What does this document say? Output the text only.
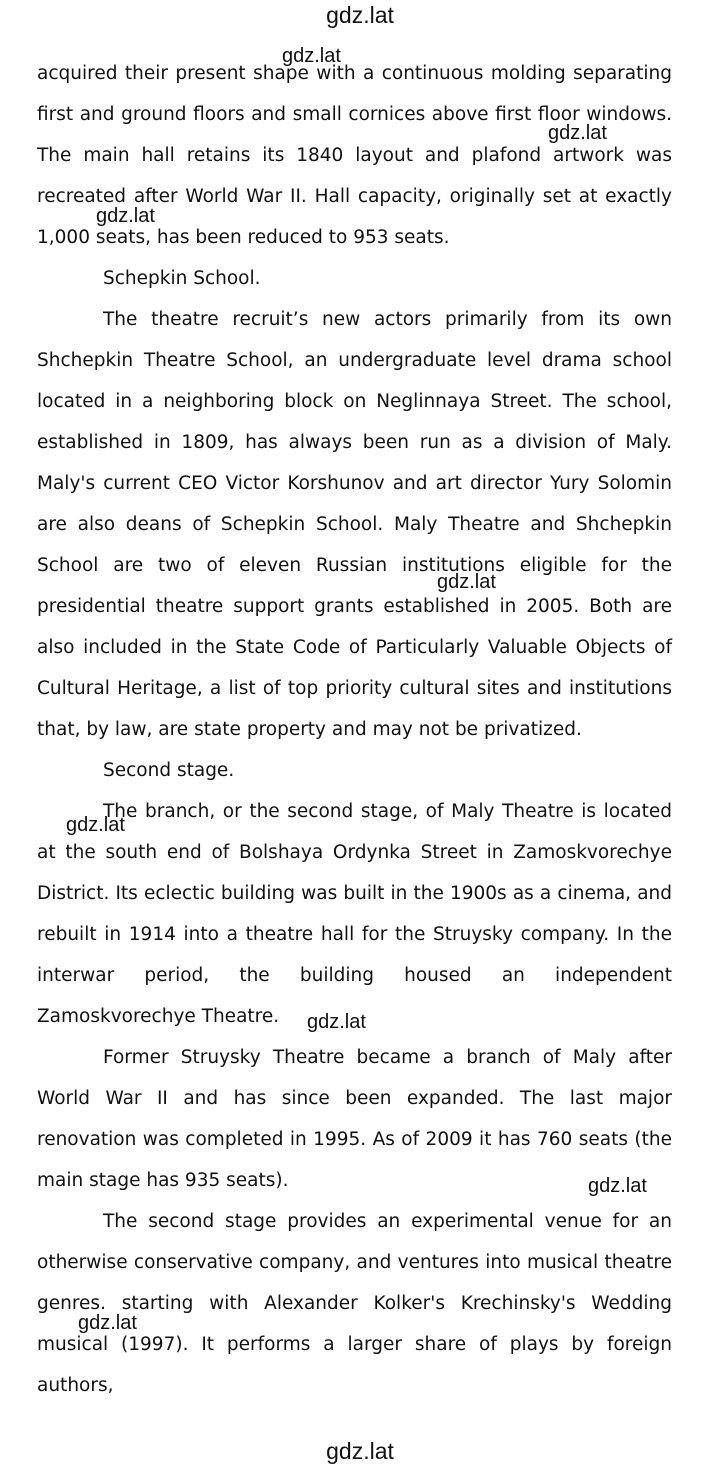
gdz.lat

acquired their present shape with a continuous molding separating first and ground floors and small cornices above first floor windows. The main hall retains its 1840 layout and plafond artwork was recreated after World War II. Hall capacity, originally set at exactly 1,000 seats, has been reduced to 953 seats.

Schepkin School.

The theatre recruit’s new actors primarily from its own Shchepkin Theatre School, an undergraduate level drama school located in a neighboring block on Neglinnaya Street. The school, established in 1809, has always been run as a division of Maly. Maly's current CEO Victor Korshunov and art director Yury Solomin are also deans of Schepkin School. Maly Theatre and Shchepkin School are two of eleven Russian institutions eligible for the presidential theatre support grants established in 2005. Both are also included in the State Code of Particularly Valuable Objects of Cultural Heritage, a list of top priority cultural sites and institutions that, by law, are state property and may not be privatized.

Second stage.

The branch, or the second stage, of Maly Theatre is located at the south end of Bolshaya Ordynka Street in Zamoskvorechye District. Its eclectic building was built in the 1900s as a cinema, and rebuilt in 1914 into a theatre hall for the Struysky company. In the interwar period, the building housed an independent Zamoskvorechye Theatre.

Former Struysky Theatre became a branch of Maly after World War II and has since been expanded. The last major renovation was completed in 1995. As of 2009 it has 760 seats (the main stage has 935 seats).

The second stage provides an experimental venue for an otherwise conservative company, and ventures into musical theatre genres. starting with Alexander Kolker's Krechinsky's Wedding musical (1997). It performs a larger share of plays by foreign authors,

gdz.lat
gdz.lat
gdz.lat
gdz.lat
gdz.lat
gdz.lat
gdz.lat
gdz.lat
gdz.lat
